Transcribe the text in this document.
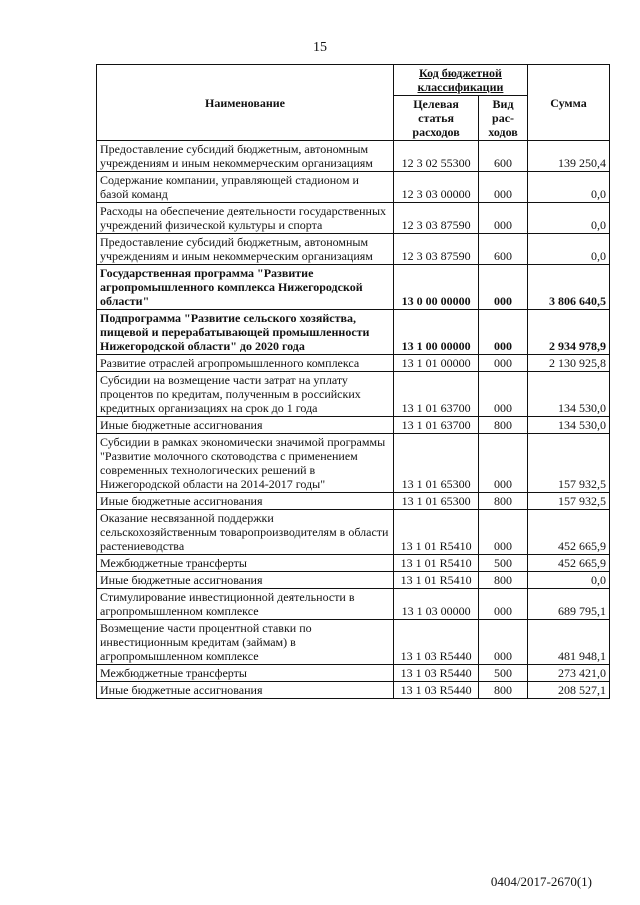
15
Наименование	Код бюджетной классификации		Сумма
	Целевая статья расходов	Вид рас-ходов	
Предоставление субсидий бюджетным, автономным учреждениям и иным некоммерческим организациям	12 3 02 55300	600	139 250,4
Содержание компании, управляющей стадионом и базой команд	12 3 03 00000	000	0,0
Расходы на обеспечение деятельности государственных учреждений физической культуры и спорта	12 3 03 87590	000	0,0
Предоставление субсидий бюджетным, автономным учреждениям и иным некоммерческим организациям	12 3 03 87590	600	0,0
Государственная программа "Развитие агропромышленного комплекса Нижегородской области"	13 0 00 00000	000	3 806 640,5
Подпрограмма "Развитие сельского хозяйства, пищевой и перерабатывающей промышленности Нижегородской области" до 2020 года	13 1 00 00000	000	2 934 978,9
Развитие отраслей агропромышленного комплекса	13 1 01 00000	000	2 130 925,8
Субсидии на возмещение части затрат на уплату процентов по кредитам, полученным в российских кредитных организациях на срок до 1 года	13 1 01 63700	000	134 530,0
Иные бюджетные ассигнования	13 1 01 63700	800	134 530,0
Субсидии в рамках экономически значимой программы "Развитие молочного скотоводства с применением современных технологических решений в Нижегородской области на 2014-2017 годы"	13 1 01 65300	000	157 932,5
Иные бюджетные ассигнования	13 1 01 65300	800	157 932,5
Оказание несвязанной поддержки сельскохозяйственным товаропроизводителям в области растениеводства	13 1 01 R5410	000	452 665,9
Межбюджетные трансферты	13 1 01 R5410	500	452 665,9
Иные бюджетные ассигнования	13 1 01 R5410	800	0,0
Стимулирование инвестиционной деятельности в агропромышленном комплексе	13 1 03 00000	000	689 795,1
Возмещение части процентной ставки по инвестиционным кредитам (займам) в агропромышленном комплексе	13 1 03 R5440	000	481 948,1
Межбюджетные трансферты	13 1 03 R5440	500	273 421,0
Иные бюджетные ассигнования	13 1 03 R5440	800	208 527,1
0404/2017-2670(1)
